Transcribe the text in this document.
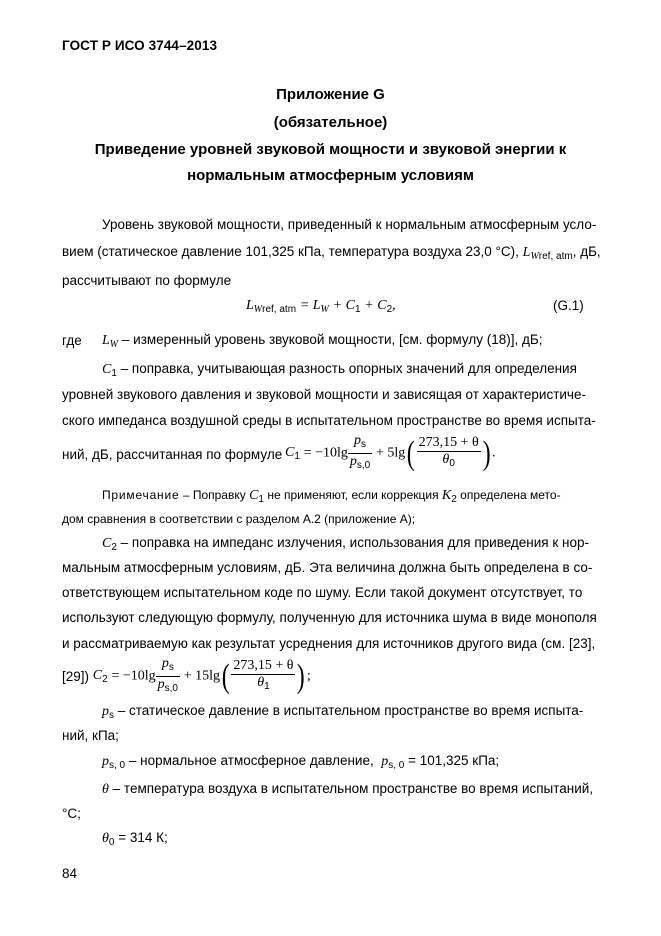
ГОСТ Р ИСО 3744–2013
Приложение G
(обязательное)
Приведение уровней звуковой мощности и звуковой энергии к
нормальным атмосферным условиям
Уровень звуковой мощности, приведенный к нормальным атмосферным усло-
вием (статическое давление 101,325 кПа, температура воздуха 23,0 °С), $L_{Wref, atm}$, дБ,
рассчитывают по формуле
$L_{Wref, atm} = L_W + C_1 + C_2$,	(G.1)
где $L_W$ – измеренный уровень звуковой мощности, [см. формулу (18)], дБ;
$C_1$ – поправка, учитывающая разность опорных значений для определения
уровней звукового давления и звуковой мощности и зависящая от характеристиче-
ского импеданса воздушной среды в испытательном пространстве во время испыта-
ний, дБ, рассчитанная по формуле $C_1 = -10\lg \frac{p_s}{p_{s,0}} + 5\lg( \frac{273,15 + \theta}{\theta_0}$ ) .
Примечание – Поправку $C_1$ не применяют, если коррекция $K_2$ определена мето-
дом сравнения в соответствии с разделом А.2 (приложение А);
$C_2$ – поправка на импеданс излучения, использования для приведения к нор-
мальным атмосферным условиям, дБ. Эта величина должна быть определена в со-
ответствующем испытательном коде по шуму. Если такой документ отсутствует, то
используют следующую формулу, полученную для источника шума в виде монополя
и рассматриваемую как результат усреднения для источников другого вида (см. [23],
[29]) $C_2 = -10\lg \frac{p_s}{p_{s,0}} + 15\lg( \frac{273,15 + \theta}{\theta_1}$ ) ;
$p_s$ – статическое давление в испытательном пространстве во время испыта-
ний, кПа;
$p_{s, 0}$ – нормальное атмосферное давление, $p_{s, 0} = 101,325$ кПа;
θ – температура воздуха в испытательном пространстве во время испытаний,
°С;
$\theta_0 = 314$ К;
84
